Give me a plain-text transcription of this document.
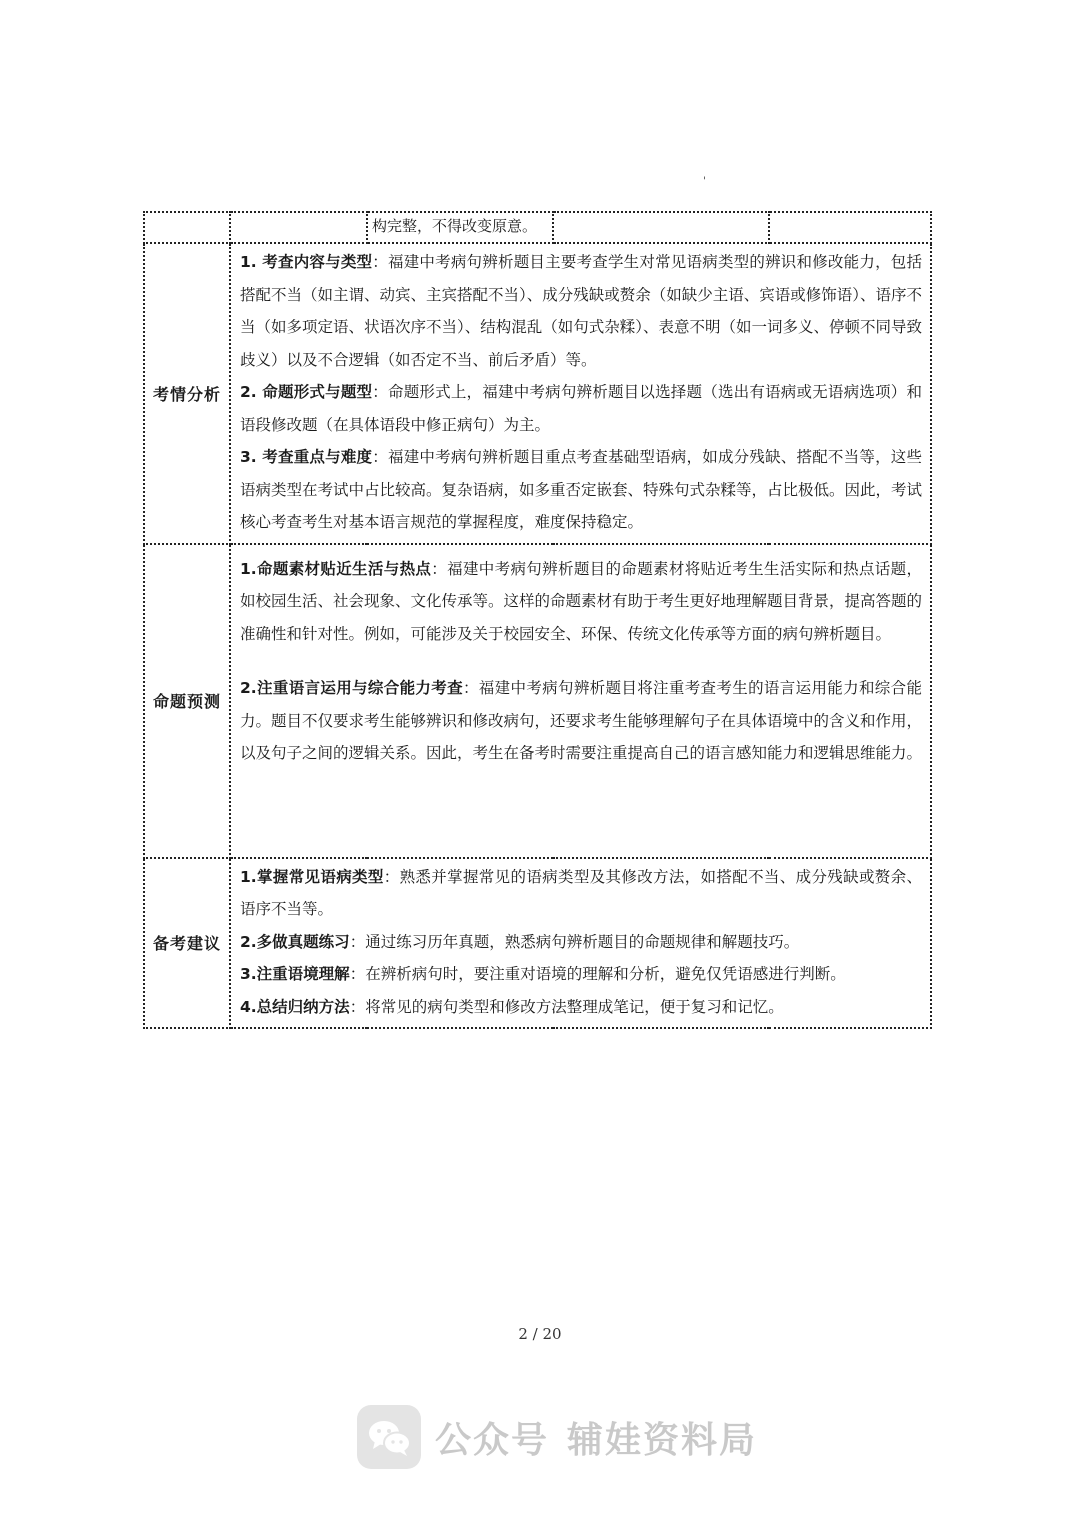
'
		构完整，不得改变原意。		
考情分析	1. 考查内容与类型：福建中考病句辨析题目主要考查学生对常见语病类型的辨识和修改能力，包括搭配不当（如主谓、动宾、主宾搭配不当）、成分残缺或赘余（如缺少主语、宾语或修饰语）、语序不当（如多项定语、状语次序不当）、结构混乱（如句式杂糅）、表意不明（如一词多义、停顿不同导致歧义）以及不合逻辑（如否定不当、前后矛盾）等。

2. 命题形式与题型：命题形式上，福建中考病句辨析题目以选择题（选出有语病或无语病选项）和语段修改题（在具体语段中修正病句）为主。

3. 考查重点与难度：福建中考病句辨析题目重点考查基础型语病，如成分残缺、搭配不当等，这些语病类型在考试中占比较高。复杂语病，如多重否定嵌套、特殊句式杂糅等，占比极低。因此，考试核心考查考生对基本语言规范的掌握程度，难度保持稳定。			

命题预测	1.命题素材贴近生活与热点：福建中考病句辨析题目的命题素材将贴近考生生活实际和热点话题，如校园生活、社会现象、文化传承等。这样的命题素材有助于考生更好地理解题目背景，提高答题的准确性和针对性。例如，可能涉及关于校园安全、环保、传统文化传承等方面的病句辨析题目。

2.注重语言运用与综合能力考查：福建中考病句辨析题目将注重考查考生的语言运用能力和综合能力。题目不仅要求考生能够辨识和修改病句，还要求考生能够理解句子在具体语境中的含义和作用，以及句子之间的逻辑关系。因此，考生在备考时需要注重提高自己的语言感知能力和逻辑思维能力。			

备考建议	1.掌握常见语病类型：熟悉并掌握常见的语病类型及其修改方法，如搭配不当、成分残缺或赘余、语序不当等。

2.多做真题练习：通过练习历年真题，熟悉病句辨析题目的命题规律和解题技巧。

3.注重语境理解：在辨析病句时，要注重对语境的理解和分析，避免仅凭语感进行判断。

4.总结归纳方法：将常见的病句类型和修改方法整理成笔记，便于复习和记忆。			

2 / 20
公众号 辅娃资料局
